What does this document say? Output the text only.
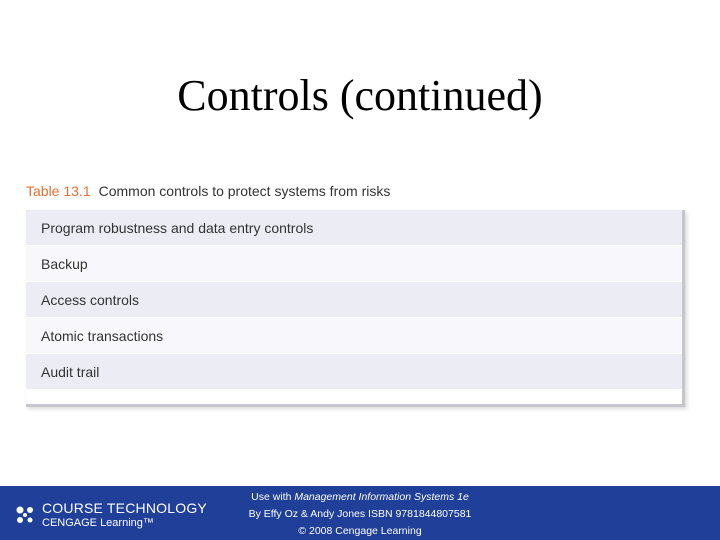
Controls (continued)
Table 13.1 Common controls to protect systems from risks
Program robustness and data entry controls
Backup
Access controls
Atomic transactions
Audit trail
COURSE TECHNOLOGY
CENGAGE Learning™
Use with Management Information Systems 1e
By Effy Oz & Andy Jones ISBN 9781844807581
© 2008 Cengage Learning
